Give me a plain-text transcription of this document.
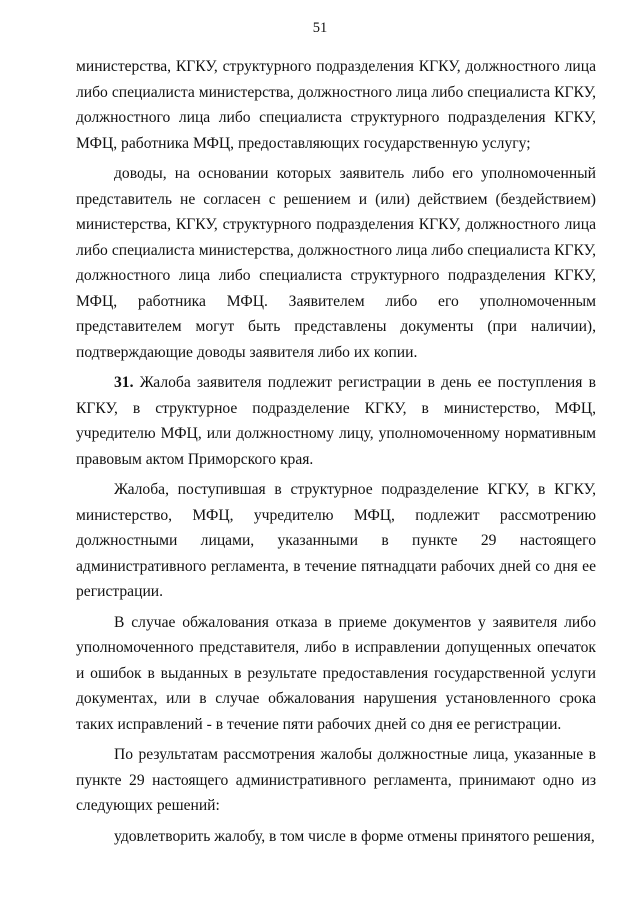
51

министерства, КГКУ, структурного подразделения КГКУ, должностного лица либо специалиста министерства, должностного лица либо специалиста КГКУ, должностного лица либо специалиста структурного подразделения КГКУ, МФЦ, работника МФЦ, предоставляющих государственную услугу;

доводы, на основании которых заявитель либо его уполномоченный представитель не согласен с решением и (или) действием (бездействием) министерства, КГКУ, структурного подразделения КГКУ, должностного лица либо специалиста министерства, должностного лица либо специалиста КГКУ, должностного лица либо специалиста структурного подразделения КГКУ, МФЦ, работника МФЦ. Заявителем либо его уполномоченным представителем могут быть представлены документы (при наличии), подтверждающие доводы заявителя либо их копии.

31. Жалоба заявителя подлежит регистрации в день ее поступления в КГКУ, в структурное подразделение КГКУ, в министерство, МФЦ, учредителю МФЦ, или должностному лицу, уполномоченному нормативным правовым актом Приморского края.

Жалоба, поступившая в структурное подразделение КГКУ, в КГКУ, министерство, МФЦ, учредителю МФЦ, подлежит рассмотрению должностными лицами, указанными в пункте 29 настоящего административного регламента, в течение пятнадцати рабочих дней со дня ее регистрации.

В случае обжалования отказа в приеме документов у заявителя либо уполномоченного представителя, либо в исправлении допущенных опечаток и ошибок в выданных в результате предоставления государственной услуги документах, или в случае обжалования нарушения установленного срока таких исправлений - в течение пяти рабочих дней со дня ее регистрации.

По результатам рассмотрения жалобы должностные лица, указанные в пункте 29 настоящего административного регламента, принимают одно из следующих решений:

удовлетворить жалобу, в том числе в форме отмены принятого решения,
